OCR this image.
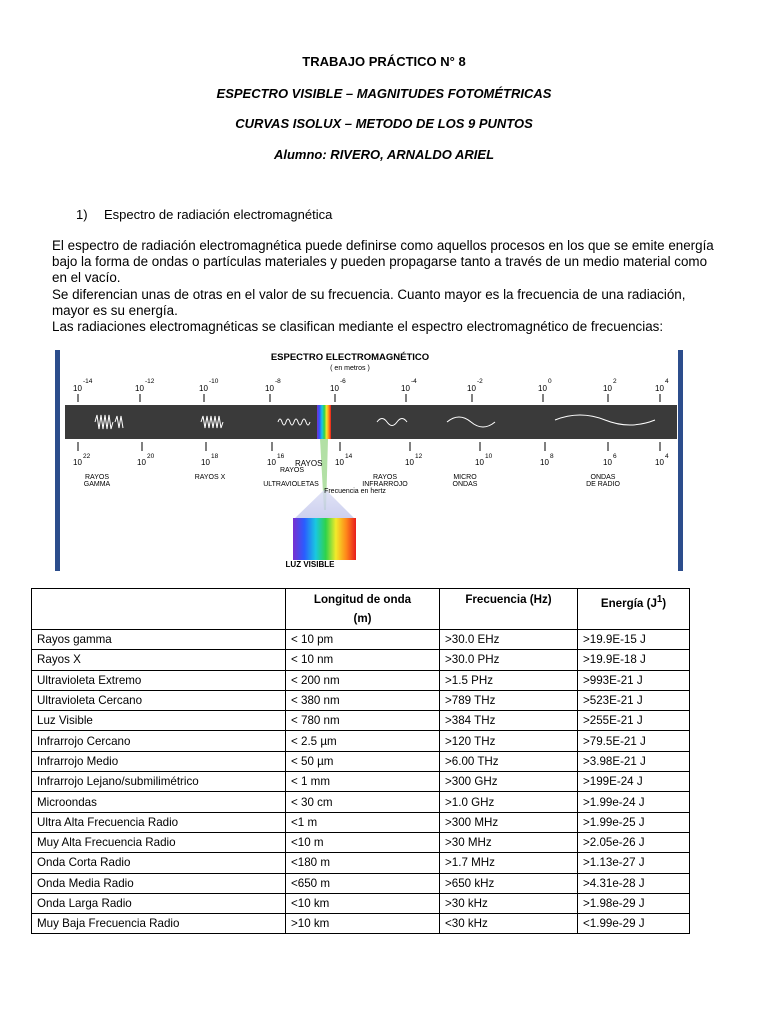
TRABAJO PRÁCTICO N° 8
ESPECTRO VISIBLE – MAGNITUDES FOTOMÉTRICAS
CURVAS ISOLUX – METODO DE LOS 9 PUNTOS
Alumno: RIVERO, ARNALDO ARIEL
1) Espectro de radiación electromagnética

El espectro de radiación electromagnética puede definirse como aquellos procesos en los que se emite energía bajo la forma de ondas o partículas materiales y pueden propagarse tanto a través de un medio material como en el vacío.

Se diferencian unas de otras en el valor de su frecuencia. Cuanto mayor es la frecuencia de una radiación, mayor es su energía.

Las radiaciones electromagnéticas se clasifican mediante el espectro electromagnético de frecuencias:

ESPECTRO ELECTROMAGNÉTICO
( en metros )
10
-14
10
-12
10
-10
10
-8
10
-6
10
-4
10
-2
10
0
10
2
10
4
LUZ VISIBLE
10
22
10
20
10
18
10
16
10
14
10
12
10
10
10
8
10
6
10
4
RAYOS
RAYOS
RAYOS
GAMMA
RAYOS X
ULTRAVIOLETAS
RAYOS
INFRARROJO
MICRO
ONDAS
ONDAS
DE RADIO
Frecuencia en hertz

	Longitud de onda
(m)	Frecuencia (Hz)	Energía $(J^1)$

Rayos gamma	< 10 pm	>30.0 EHz	>19.9E-15 J
Rayos X	< 10 nm	>30.0 PHz	>19.9E-18 J
Ultravioleta Extremo	< 200 nm	>1.5 PHz	>993E-21 J
Ultravioleta Cercano	< 380 nm	>789 THz	>523E-21 J
Luz Visible	< 780 nm	>384 THz	>255E-21 J
Infrarrojo Cercano	< 2.5 µm	>120 THz	>79.5E-21 J
Infrarrojo Medio	< 50 µm	>6.00 THz	>3.98E-21 J
Infrarrojo Lejano/submilimétrico	< 1 mm	>300 GHz	>199E-24 J
Microondas	< 30 cm	>1.0 GHz	>1.99e-24 J
Ultra Alta Frecuencia Radio	<1 m	>300 MHz	>1.99e-25 J
Muy Alta Frecuencia Radio	<10 m	>30 MHz	>2.05e-26 J
Onda Corta Radio	<180 m	>1.7 MHz	>1.13e-27 J
Onda Media Radio	<650 m	>650 kHz	>4.31e-28 J
Onda Larga Radio	<10 km	>30 kHz	>1.98e-29 J
Muy Baja Frecuencia Radio	>10 km	<30 kHz	<1.99e-29 J
